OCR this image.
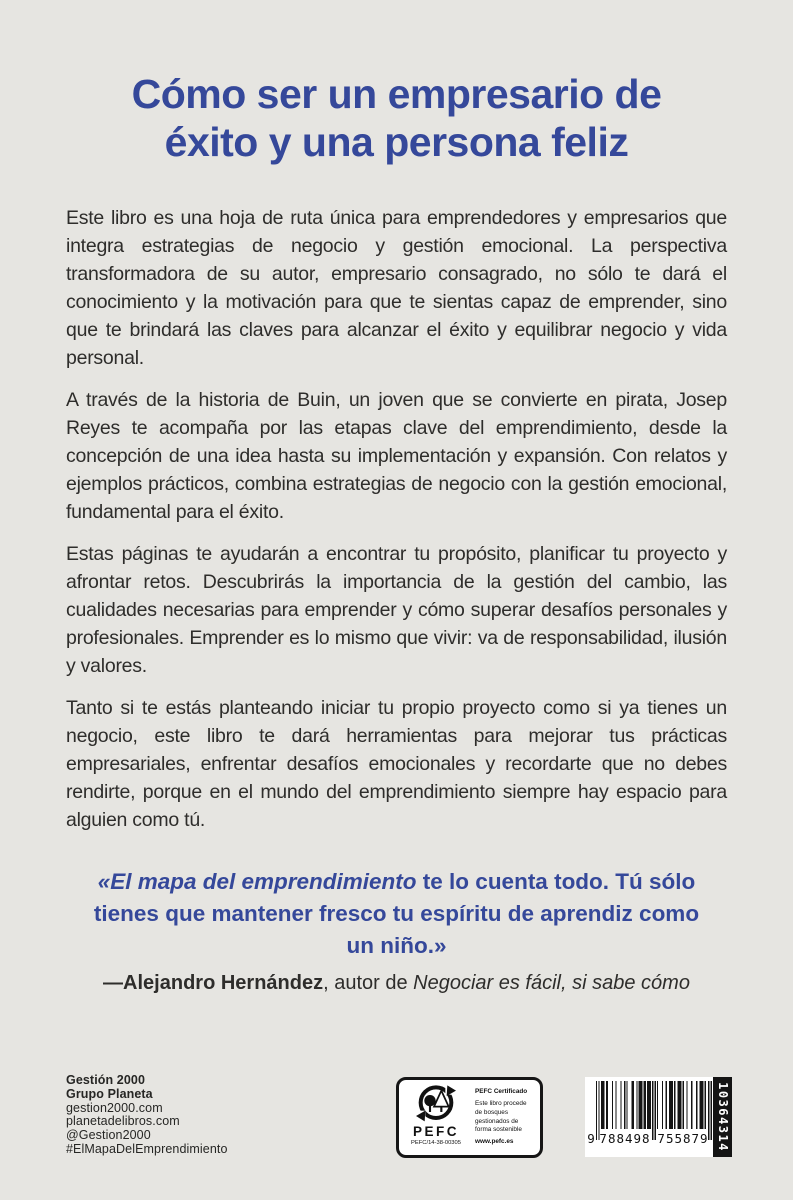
Cómo ser un empresario de
éxito y una persona feliz

Este libro es una hoja de ruta única para emprendedores y empresarios que integra estrategias de negocio y gestión emocional. La perspectiva transformadora de su autor, empresario consagrado, no sólo te dará el conocimiento y la motivación para que te sientas capaz de emprender, sino que te brindará las claves para alcanzar el éxito y equilibrar negocio y vida personal.

A través de la historia de Buin, un joven que se convierte en pirata, Josep Reyes te acompaña por las etapas clave del emprendimiento, desde la concepción de una idea hasta su implementación y expansión. Con relatos y ejemplos prácticos, combina estrategias de negocio con la gestión emocional, fundamental para el éxito.

Estas páginas te ayudarán a encontrar tu propósito, planificar tu proyecto y afrontar retos. Descubrirás la importancia de la gestión del cambio, las cualidades necesarias para emprender y cómo superar desafíos personales y profesionales. Emprender es lo mismo que vivir: va de responsabilidad, ilusión y valores.

Tanto si te estás planteando iniciar tu propio proyecto como si ya tienes un negocio, este libro te dará herramientas para mejorar tus prácticas empresariales, enfrentar desafíos emocionales y recordarte que no debes rendirte, porque en el mundo del emprendimiento siempre hay espacio para alguien como tú.

«El mapa del emprendimiento te lo cuenta todo. Tú sólo tienes que mantener fresco tu espíritu de aprendiz como un niño.»
—Alejandro Hernández, autor de Negociar es fácil, si sabe cómo
Gestión 2000
Grupo Planeta
gestion2000.com
planetadelibros.com
@Gestion2000
#ElMapaDelEmprendimiento
PEFC
PEFC/14-38-00305
PEFC Certificado
Este libro procede de bosques gestionados de forma sostenible
www.pefc.es	9 788498 755879 10364314
